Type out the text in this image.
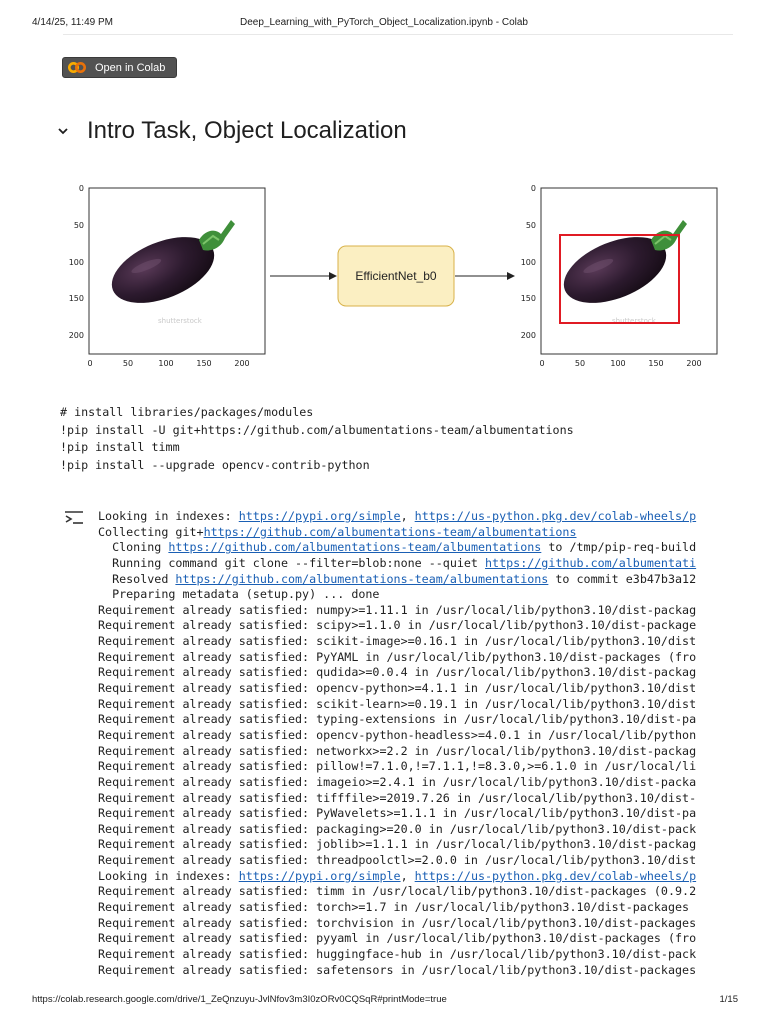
4/14/25, 11:49 PM	Deep_Learning_with_PyTorch_Object_Localization.ipynb - Colab
Open in Colab
Intro Task, Object Localization
shutterstock
0
50
100
150
200
0	50	100	150	200
EfficientNet_b0
shutterstock
0
50
100
150
200
0	50	100	150	200
# install libraries/packages/modules
!pip install -U git+https://github.com/albumentations-team/albumentations
!pip install timm
!pip install --upgrade opencv-contrib-python
Looking in indexes: https://pypi.org/simple, https://us-python.pkg.dev/colab-wheels/p
Collecting git+https://github.com/albumentations-team/albumentations
Cloning https://github.com/albumentations-team/albumentations to /tmp/pip-req-build
Running command git clone --filter=blob:none --quiet https://github.com/albumentati
Resolved https://github.com/albumentations-team/albumentations to commit e3b47b3a12
Preparing metadata (setup.py) ... done
Requirement already satisfied: numpy>=1.11.1 in /usr/local/lib/python3.10/dist-packag
Requirement already satisfied: scipy>=1.1.0 in /usr/local/lib/python3.10/dist-package
Requirement already satisfied: scikit-image>=0.16.1 in /usr/local/lib/python3.10/dist
Requirement already satisfied: PyYAML in /usr/local/lib/python3.10/dist-packages (fro
Requirement already satisfied: qudida>=0.0.4 in /usr/local/lib/python3.10/dist-packag
Requirement already satisfied: opencv-python>=4.1.1 in /usr/local/lib/python3.10/dist
Requirement already satisfied: scikit-learn>=0.19.1 in /usr/local/lib/python3.10/dist
Requirement already satisfied: typing-extensions in /usr/local/lib/python3.10/dist-pa
Requirement already satisfied: opencv-python-headless>=4.0.1 in /usr/local/lib/python
Requirement already satisfied: networkx>=2.2 in /usr/local/lib/python3.10/dist-packag
Requirement already satisfied: pillow!=7.1.0,!=7.1.1,!=8.3.0,>=6.1.0 in /usr/local/li
Requirement already satisfied: imageio>=2.4.1 in /usr/local/lib/python3.10/dist-packa
Requirement already satisfied: tifffile>=2019.7.26 in /usr/local/lib/python3.10/dist-
Requirement already satisfied: PyWavelets>=1.1.1 in /usr/local/lib/python3.10/dist-pa
Requirement already satisfied: packaging>=20.0 in /usr/local/lib/python3.10/dist-pack
Requirement already satisfied: joblib>=1.1.1 in /usr/local/lib/python3.10/dist-packag
Requirement already satisfied: threadpoolctl>=2.0.0 in /usr/local/lib/python3.10/dist
Looking in indexes: https://pypi.org/simple, https://us-python.pkg.dev/colab-wheels/p
Requirement already satisfied: timm in /usr/local/lib/python3.10/dist-packages (0.9.2
Requirement already satisfied: torch>=1.7 in /usr/local/lib/python3.10/dist-packages
Requirement already satisfied: torchvision in /usr/local/lib/python3.10/dist-packages
Requirement already satisfied: pyyaml in /usr/local/lib/python3.10/dist-packages (fro
Requirement already satisfied: huggingface-hub in /usr/local/lib/python3.10/dist-pack
Requirement already satisfied: safetensors in /usr/local/lib/python3.10/dist-packages
https://colab.research.google.com/drive/1_ZeQnzuyu-JvlNfov3m3I0zORv0CQSqR#printMode=true	1/15
